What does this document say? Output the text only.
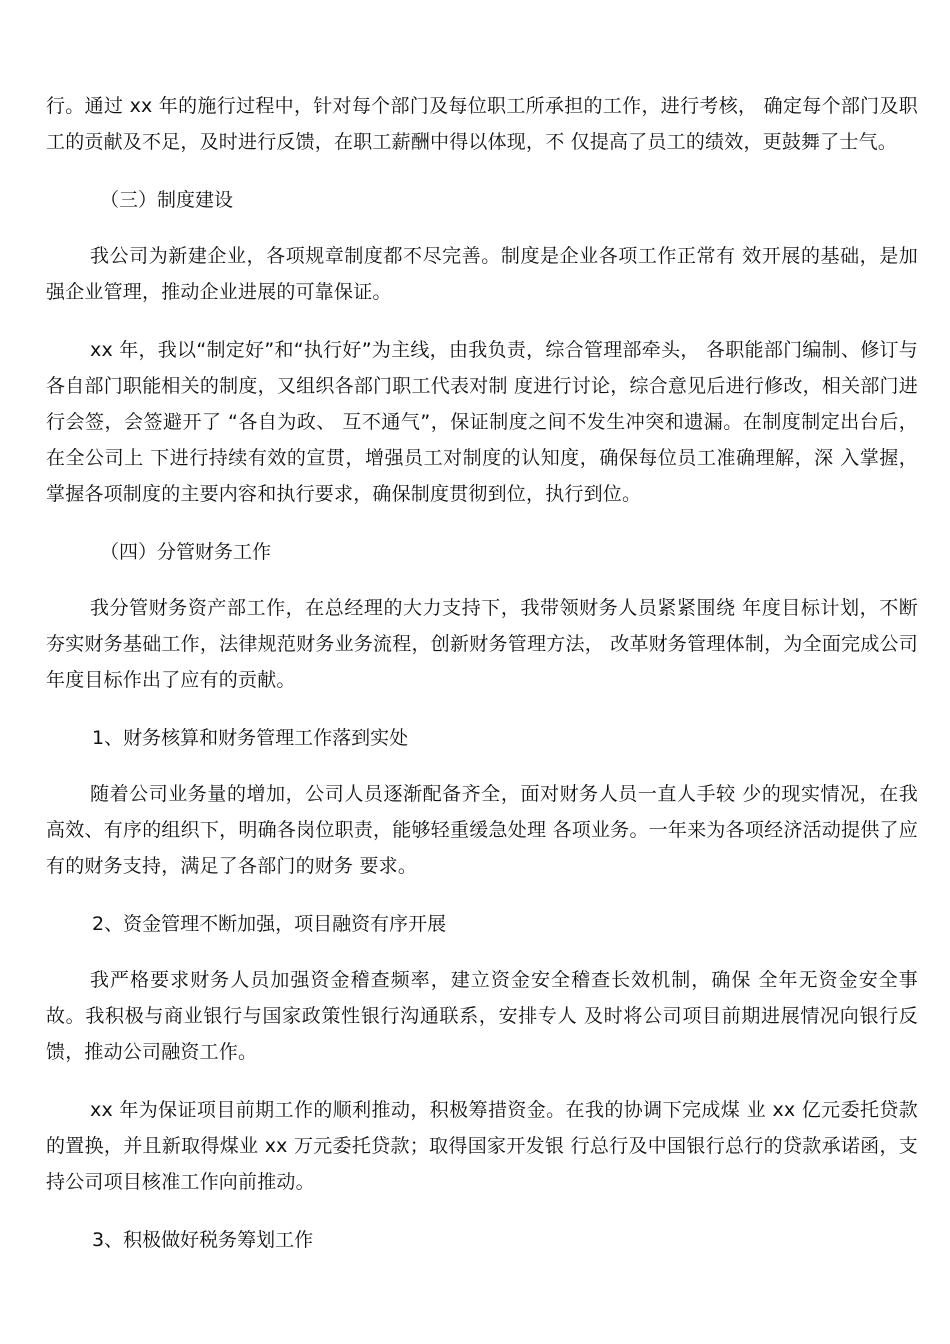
行。通过 xx 年的施行过程中，针对每个部门及每位职工所承担的工作，进行考核， 确定每个部门及职工的贡献及不足，及时进行反馈，在职工薪酬中得以体现，不 仅提高了员工的绩效，更鼓舞了士气。

（三）制度建设

我公司为新建企业，各项规章制度都不尽完善。制度是企业各项工作正常有 效开展的基础，是加强企业管理，推动企业进展的可靠保证。

xx 年，我以“制定好”和“执行好”为主线，由我负责，综合管理部牵头， 各职能部门编制、修订与各自部门职能相关的制度，又组织各部门职工代表对制 度进行讨论，综合意见后进行修改，相关部门进行会签，会签避开了 “各自为政、 互不通气”，保证制度之间不发生冲突和遗漏。在制度制定出台后，在全公司上 下进行持续有效的宣贯，增强员工对制度的认知度，确保每位员工准确理解，深 入掌握，掌握各项制度的主要内容和执行要求，确保制度贯彻到位，执行到位。

（四）分管财务工作

我分管财务资产部工作，在总经理的大力支持下，我带领财务人员紧紧围绕 年度目标计划，不断夯实财务基础工作，法律规范财务业务流程，创新财务管理方法， 改革财务管理体制，为全面完成公司年度目标作出了应有的贡献。

1、财务核算和财务管理工作落到实处

随着公司业务量的增加，公司人员逐渐配备齐全，面对财务人员一直人手较 少的现实情况，在我高效、有序的组织下，明确各岗位职责，能够轻重缓急处理 各项业务。一年来为各项经济活动提供了应有的财务支持，满足了各部门的财务 要求。

2、资金管理不断加强，项目融资有序开展

我严格要求财务人员加强资金稽查频率，建立资金安全稽查长效机制，确保 全年无资金安全事故。我积极与商业银行与国家政策性银行沟通联系，安排专人 及时将公司项目前期进展情况向银行反馈，推动公司融资工作。

xx 年为保证项目前期工作的顺利推动，积极筹措资金。在我的协调下完成煤 业 xx 亿元委托贷款的置换，并且新取得煤业 xx 万元委托贷款；取得国家开发银 行总行及中国银行总行的贷款承诺函，支持公司项目核准工作向前推动。

3、积极做好税务筹划工作
